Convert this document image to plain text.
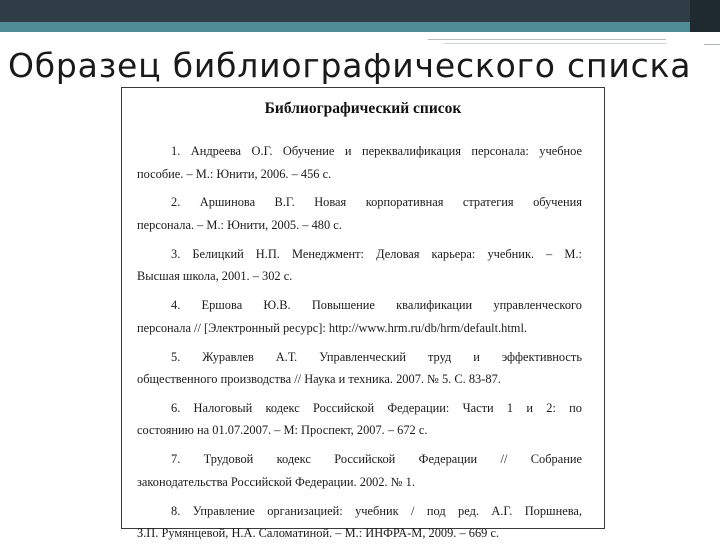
Образец библиографического списка
Библиографический список
1. Андреева О.Г. Обучение и переквалификация персонала: учебное
пособие. – М.: Юнити, 2006. – 456 с.
2. Аршинова В.Г. Новая корпоративная стратегия обучения
персонала. – М.: Юнити, 2005. – 480 с.
3. Белицкий Н.П. Менеджмент: Деловая карьера: учебник. – М.:
Высшая школа, 2001. – 302 с.
4. Ершова Ю.В. Повышение квалификации управленческого
персонала // [Электронный ресурс]: http://www.hrm.ru/db/hrm/default.html.
5. Журавлев А.Т. Управленческий труд и эффективность
общественного производства // Наука и техника. 2007. № 5. С. 83-87.
6. Налоговый кодекс Российской Федерации: Части 1 и 2: по
состоянию на 01.07.2007. – М: Проспект, 2007. – 672 с.
7. Трудовой кодекс Российской Федерации // Собрание
законодательства Российской Федерации. 2002. № 1.
8. Управление организацией: учебник / под ред. А.Г. Поршнева,
З.П. Румянцевой, Н.А. Саломатиной. – М.: ИНФРА-М, 2009. – 669 с.
